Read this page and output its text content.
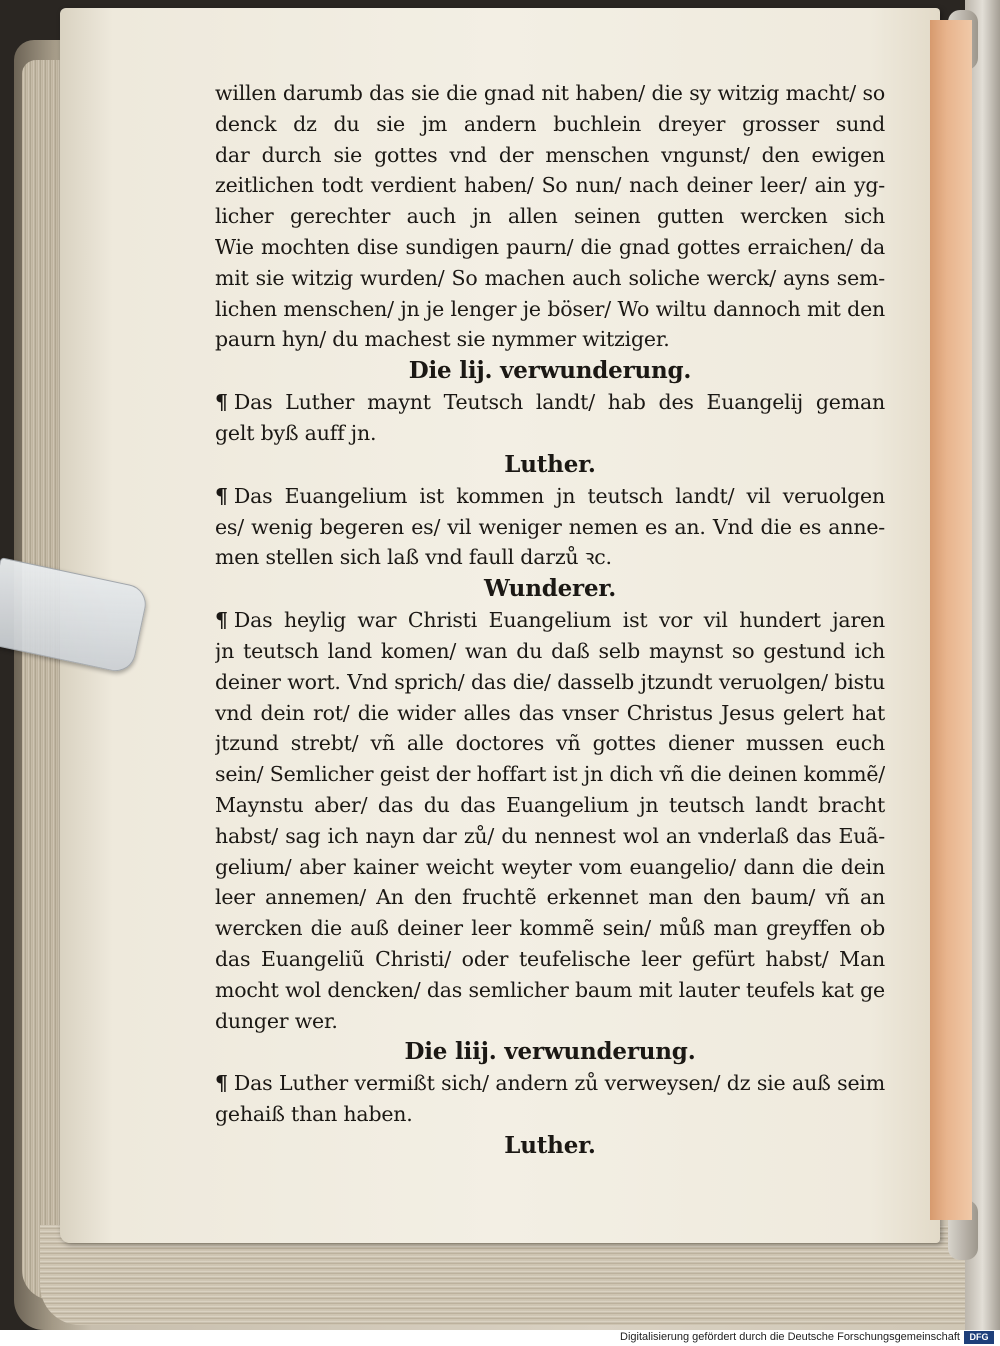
willen darumb das sie die gnad nit haben/ die sy witzig macht/ so
denck dz du sie jm andern buchlein dreyer grosser sund
dar durch sie gottes vnd der menschen vngunst/ den ewigen
zeitlichen todt verdient haben/ So nun/ nach deiner leer/ ain yg-
licher gerechter auch jn allen seinen gutten wercken sich
Wie mochten dise sundigen paurn/ die gnad gottes erraichen/ da
mit sie witzig wurden/ So machen auch soliche werck/ ayns sem-
lichen menschen/ jn je lenger je böser/ Wo wiltu dannoch mit den
paurn hyn/ du machest sie nymmer witziger.
Die lij. verwunderung.
¶ Das Luther maynt Teutsch landt/ hab des Euangelij geman
gelt byß auff jn.
Luther.
¶ Das Euangelium ist kommen jn teutsch landt/ vil veruolgen
es/ wenig begeren es/ vil weniger nemen es an. Vnd die es anne-
men stellen sich laß vnd faull darzů ꝛc.
Wunderer.
¶ Das heylig war Christi Euangelium ist vor vil hundert jaren
jn teutsch land komen/ wan du daß selb maynst so gestund ich
deiner wort. Vnd sprich/ das die/ dasselb jtzundt veruolgen/ bistu
vnd dein rot/ die wider alles das vnser Christus Jesus gelert hat
jtzund strebt/ vñ alle doctores vñ gottes diener mussen euch
sein/ Semlicher geist der hoffart ist jn dich vñ die deinen kommẽ/
Maynstu aber/ das du das Euangelium jn teutsch landt bracht
habst/ sag ich nayn dar zů/ du nennest wol an vnderlaß das Euã-
gelium/ aber kainer weicht weyter vom euangelio/ dann die dein
leer annemen/ An den fruchtẽ erkennet man den baum/ vñ an
wercken die auß deiner leer kommẽ sein/ můß man greyffen ob
das Euangeliũ Christi/ oder teufelische leer gefürt habst/ Man
mocht wol dencken/ das semlicher baum mit lauter teufels kat ge
dunger wer.
Die liij. verwunderung.
¶ Das Luther vermißt sich/ andern zů verweysen/ dz sie auß seim
gehaiß than haben.
Luther.
Digitalisierung gefördert durch die Deutsche Forschungsgemeinschaft	DFG
